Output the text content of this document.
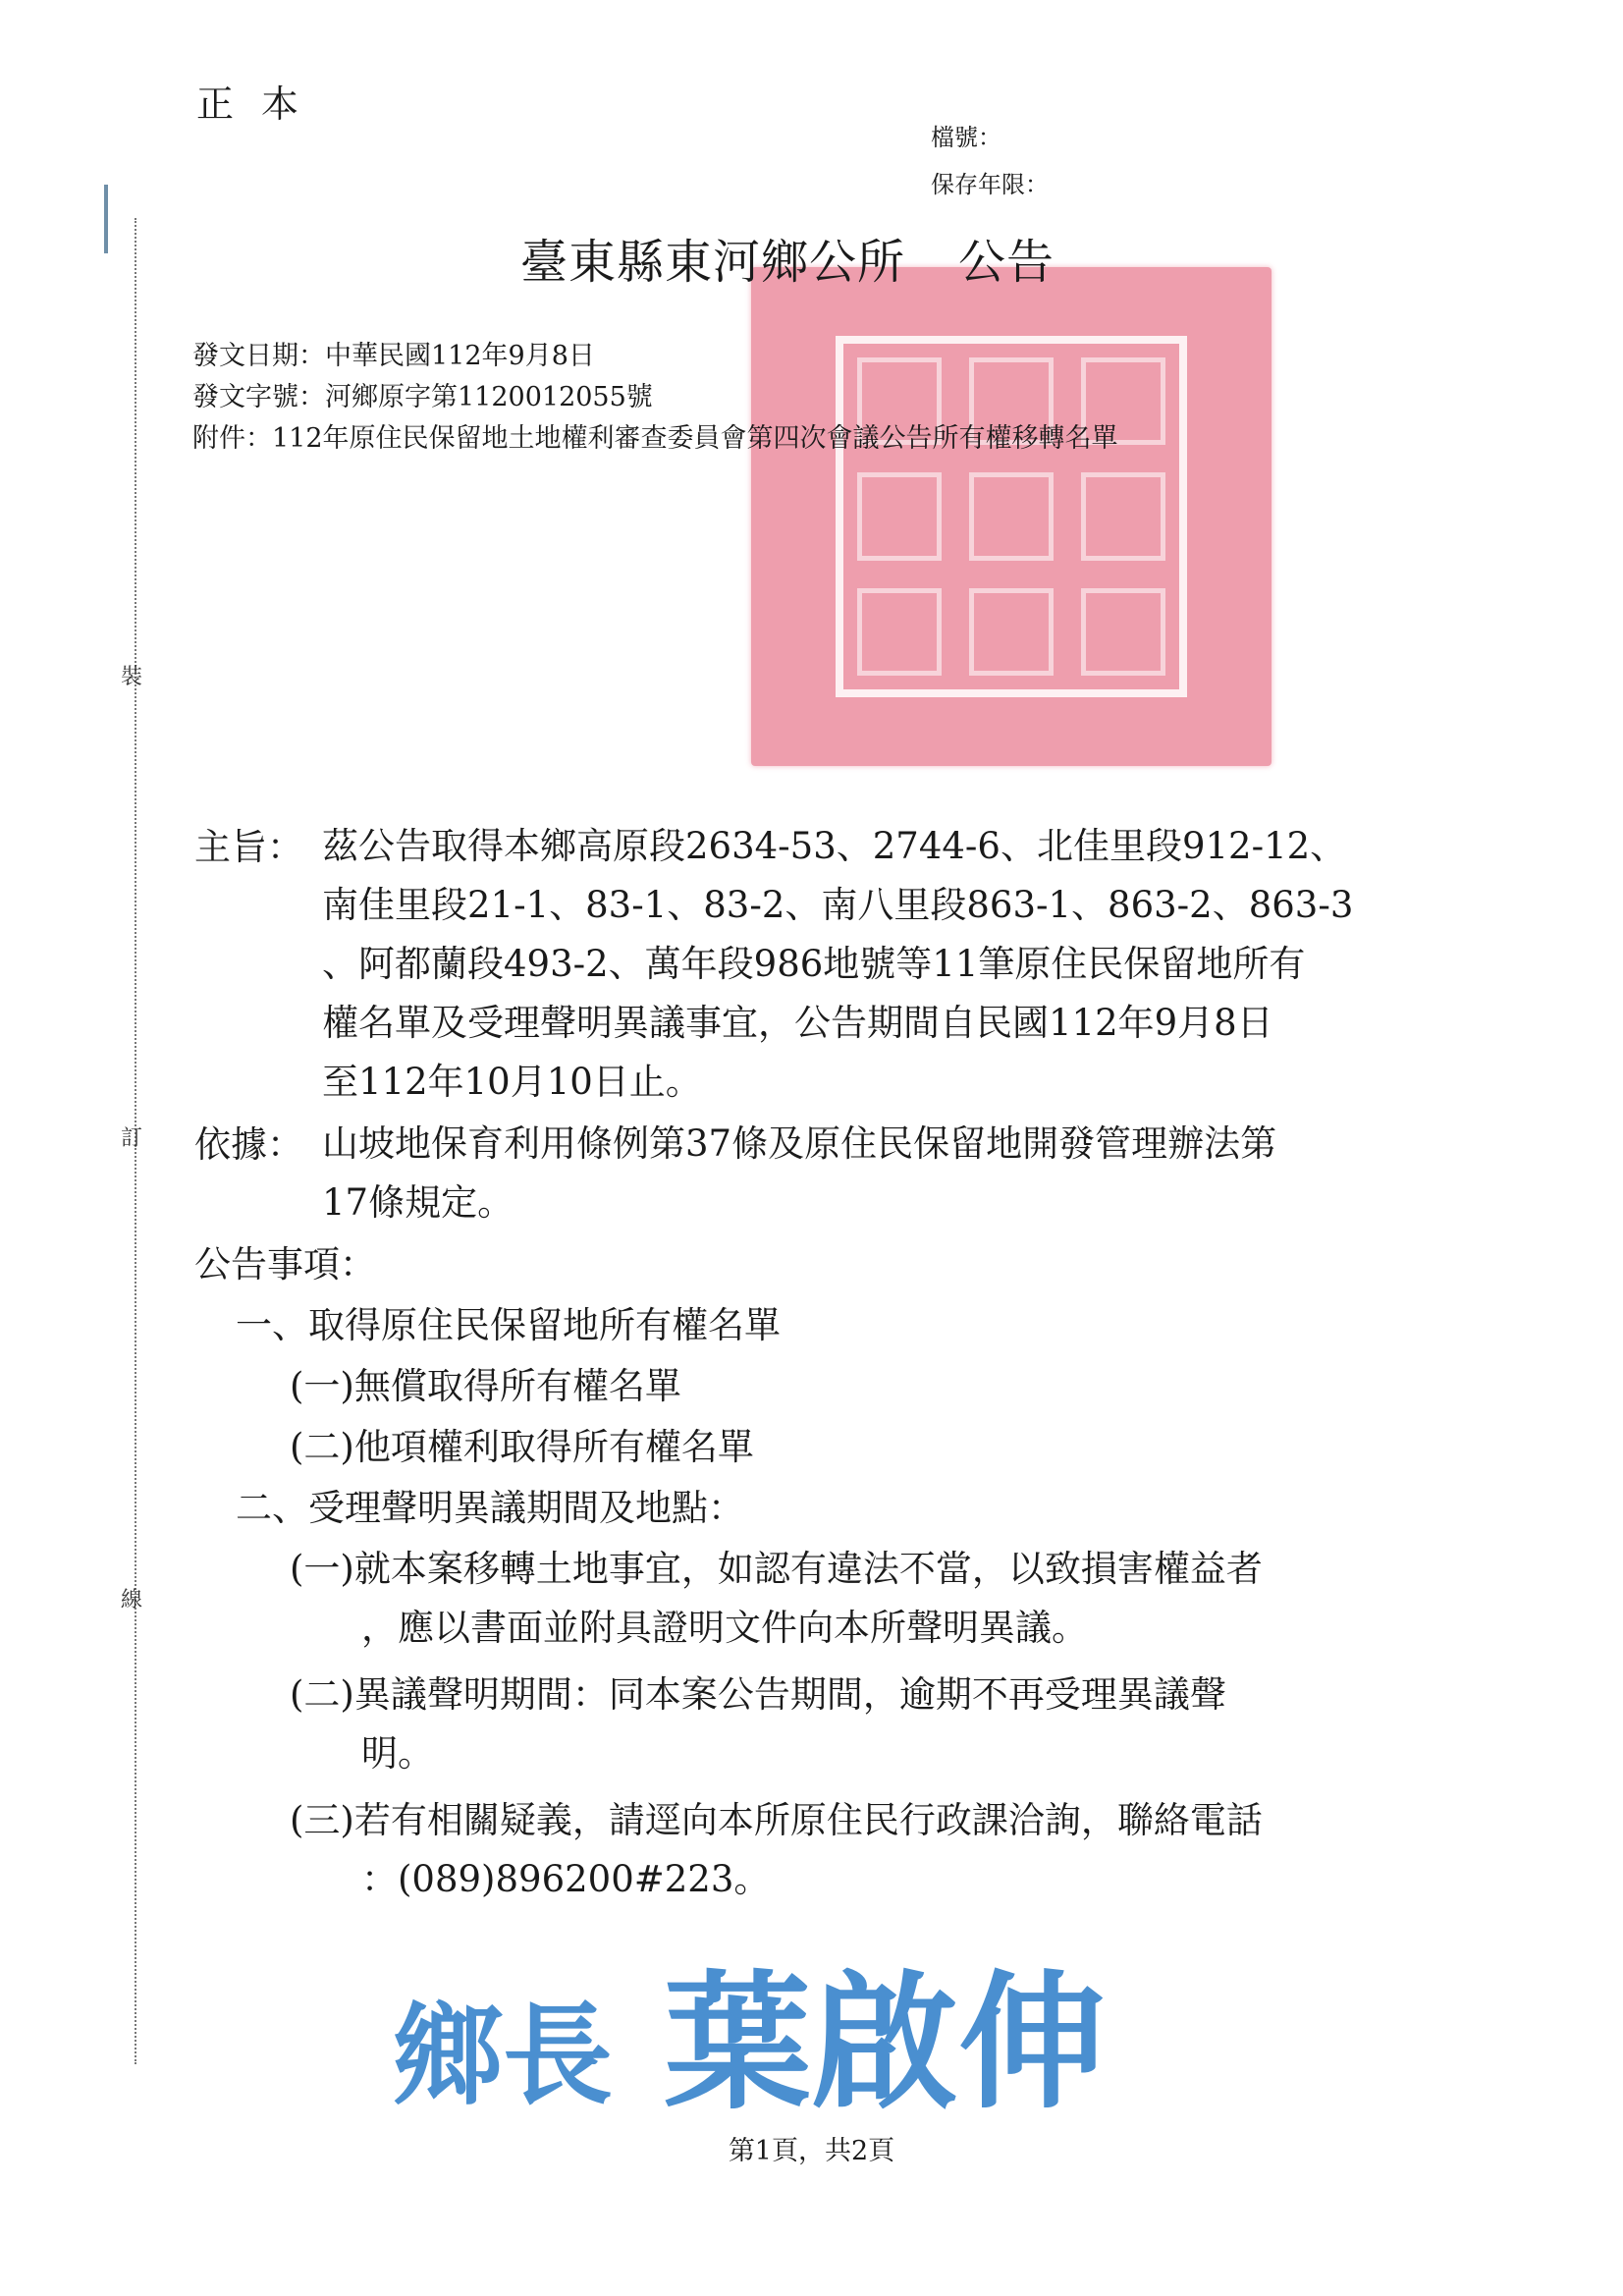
裝
訂
線
正本
檔號：
保存年限：
臺東縣東河鄉公所 公告
發文日期：中華民國112年9月8日
發文字號：河鄉原字第1120012055號
附件：112年原住民保留地土地權利審查委員會第四次會議公告所有權移轉名單
主旨： 茲公告取得本鄉高原段2634-53、2744-6、北佳里段912-12、
南佳里段21-1、83-1、83-2、南八里段863-1、863-2、863-3
、阿都蘭段493-2、萬年段986地號等11筆原住民保留地所有
權名單及受理聲明異議事宜，公告期間自民國112年9月8日
至112年10月10日止。
依據： 山坡地保育利用條例第37條及原住民保留地開發管理辦法第
17條規定。
公告事項：
一、取得原住民保留地所有權名單
(一)無償取得所有權名單
(二)他項權利取得所有權名單
二、受理聲明異議期間及地點：
(一)就本案移轉土地事宜，如認有違法不當，以致損害權益者
，應以書面並附具證明文件向本所聲明異議。
(二)異議聲明期間：同本案公告期間，逾期不再受理異議聲
明。
(三)若有相關疑義，請逕向本所原住民行政課洽詢，聯絡電話
：(089)896200#223。
鄉長 葉啟伸
第1頁，共2頁
